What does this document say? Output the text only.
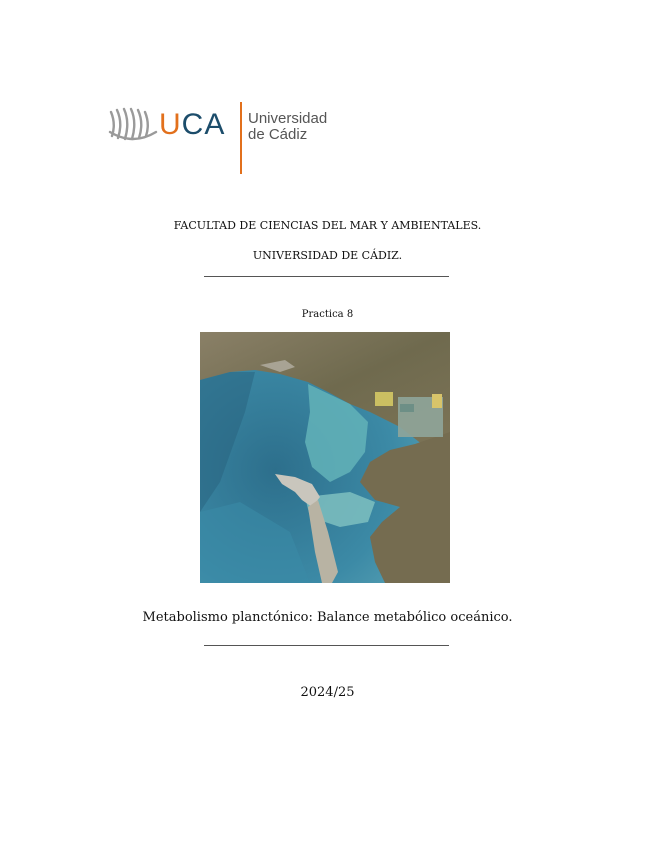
UCA Universidad
de Cádiz
FACULTAD DE CIENCIAS DEL MAR Y AMBIENTALES.
UNIVERSIDAD DE CÁDIZ.
Practica 8
Metabolismo planctónico: Balance metabólico oceánico.
2024/25
